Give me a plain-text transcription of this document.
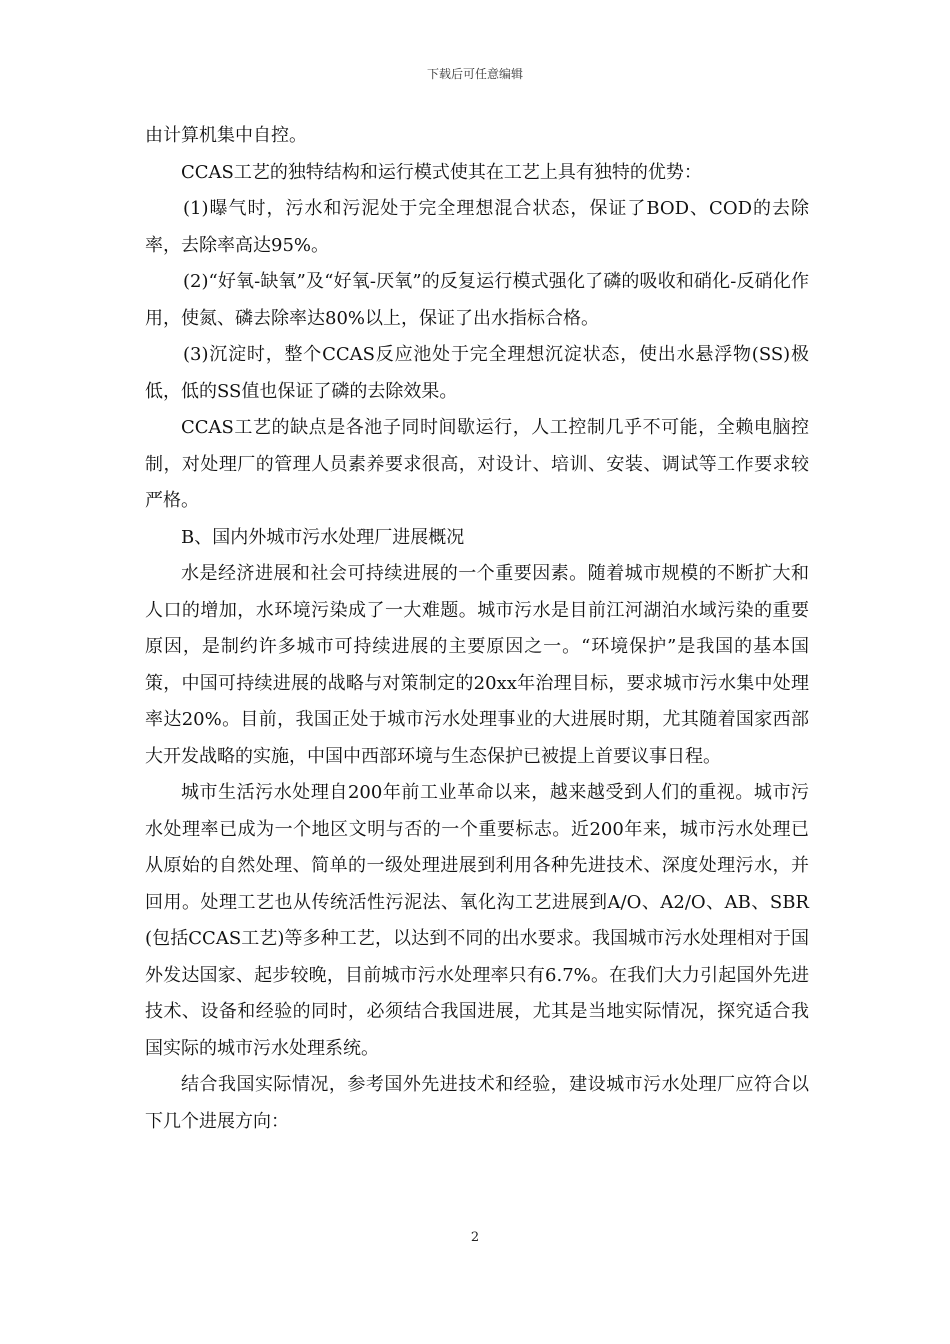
下载后可任意编辑

由计算机集中自控。

CCAS工艺的独特结构和运行模式使其在工艺上具有独特的优势：

(1)曝气时，污水和污泥处于完全理想混合状态，保证了BOD、COD的去除率，去除率高达95%。

(2)“好氧-缺氧”及“好氧-厌氧”的反复运行模式强化了磷的吸收和硝化-反硝化作用，使氮、磷去除率达80%以上，保证了出水指标合格。

(3)沉淀时，整个CCAS反应池处于完全理想沉淀状态，使出水悬浮物(SS)极低，低的SS值也保证了磷的去除效果。

CCAS工艺的缺点是各池子同时间歇运行，人工控制几乎不可能，全赖电脑控制，对处理厂的管理人员素养要求很高，对设计、培训、安装、调试等工作要求较严格。

B、国内外城市污水处理厂进展概况

水是经济进展和社会可持续进展的一个重要因素。随着城市规模的不断扩大和人口的增加，水环境污染成了一大难题。城市污水是目前江河湖泊水域污染的重要原因，是制约许多城市可持续进展的主要原因之一。“环境保护”是我国的基本国策，中国可持续进展的战略与对策制定的20xx年治理目标，要求城市污水集中处理率达20%。目前，我国正处于城市污水处理事业的大进展时期，尤其随着国家西部大开发战略的实施，中国中西部环境与生态保护已被提上首要议事日程。

城市生活污水处理自200年前工业革命以来，越来越受到人们的重视。城市污水处理率已成为一个地区文明与否的一个重要标志。近200年来，城市污水处理已从原始的自然处理、简单的一级处理进展到利用各种先进技术、深度处理污水，并回用。处理工艺也从传统活性污泥法、氧化沟工艺进展到A/O、A2/O、AB、SBR(包括CCAS工艺)等多种工艺，以达到不同的出水要求。我国城市污水处理相对于国外发达国家、起步较晚，目前城市污水处理率只有6.7%。在我们大力引起国外先进技术、设备和经验的同时，必须结合我国进展，尤其是当地实际情况，探究适合我国实际的城市污水处理系统。

结合我国实际情况，参考国外先进技术和经验，建设城市污水处理厂应符合以下几个进展方向：

2
